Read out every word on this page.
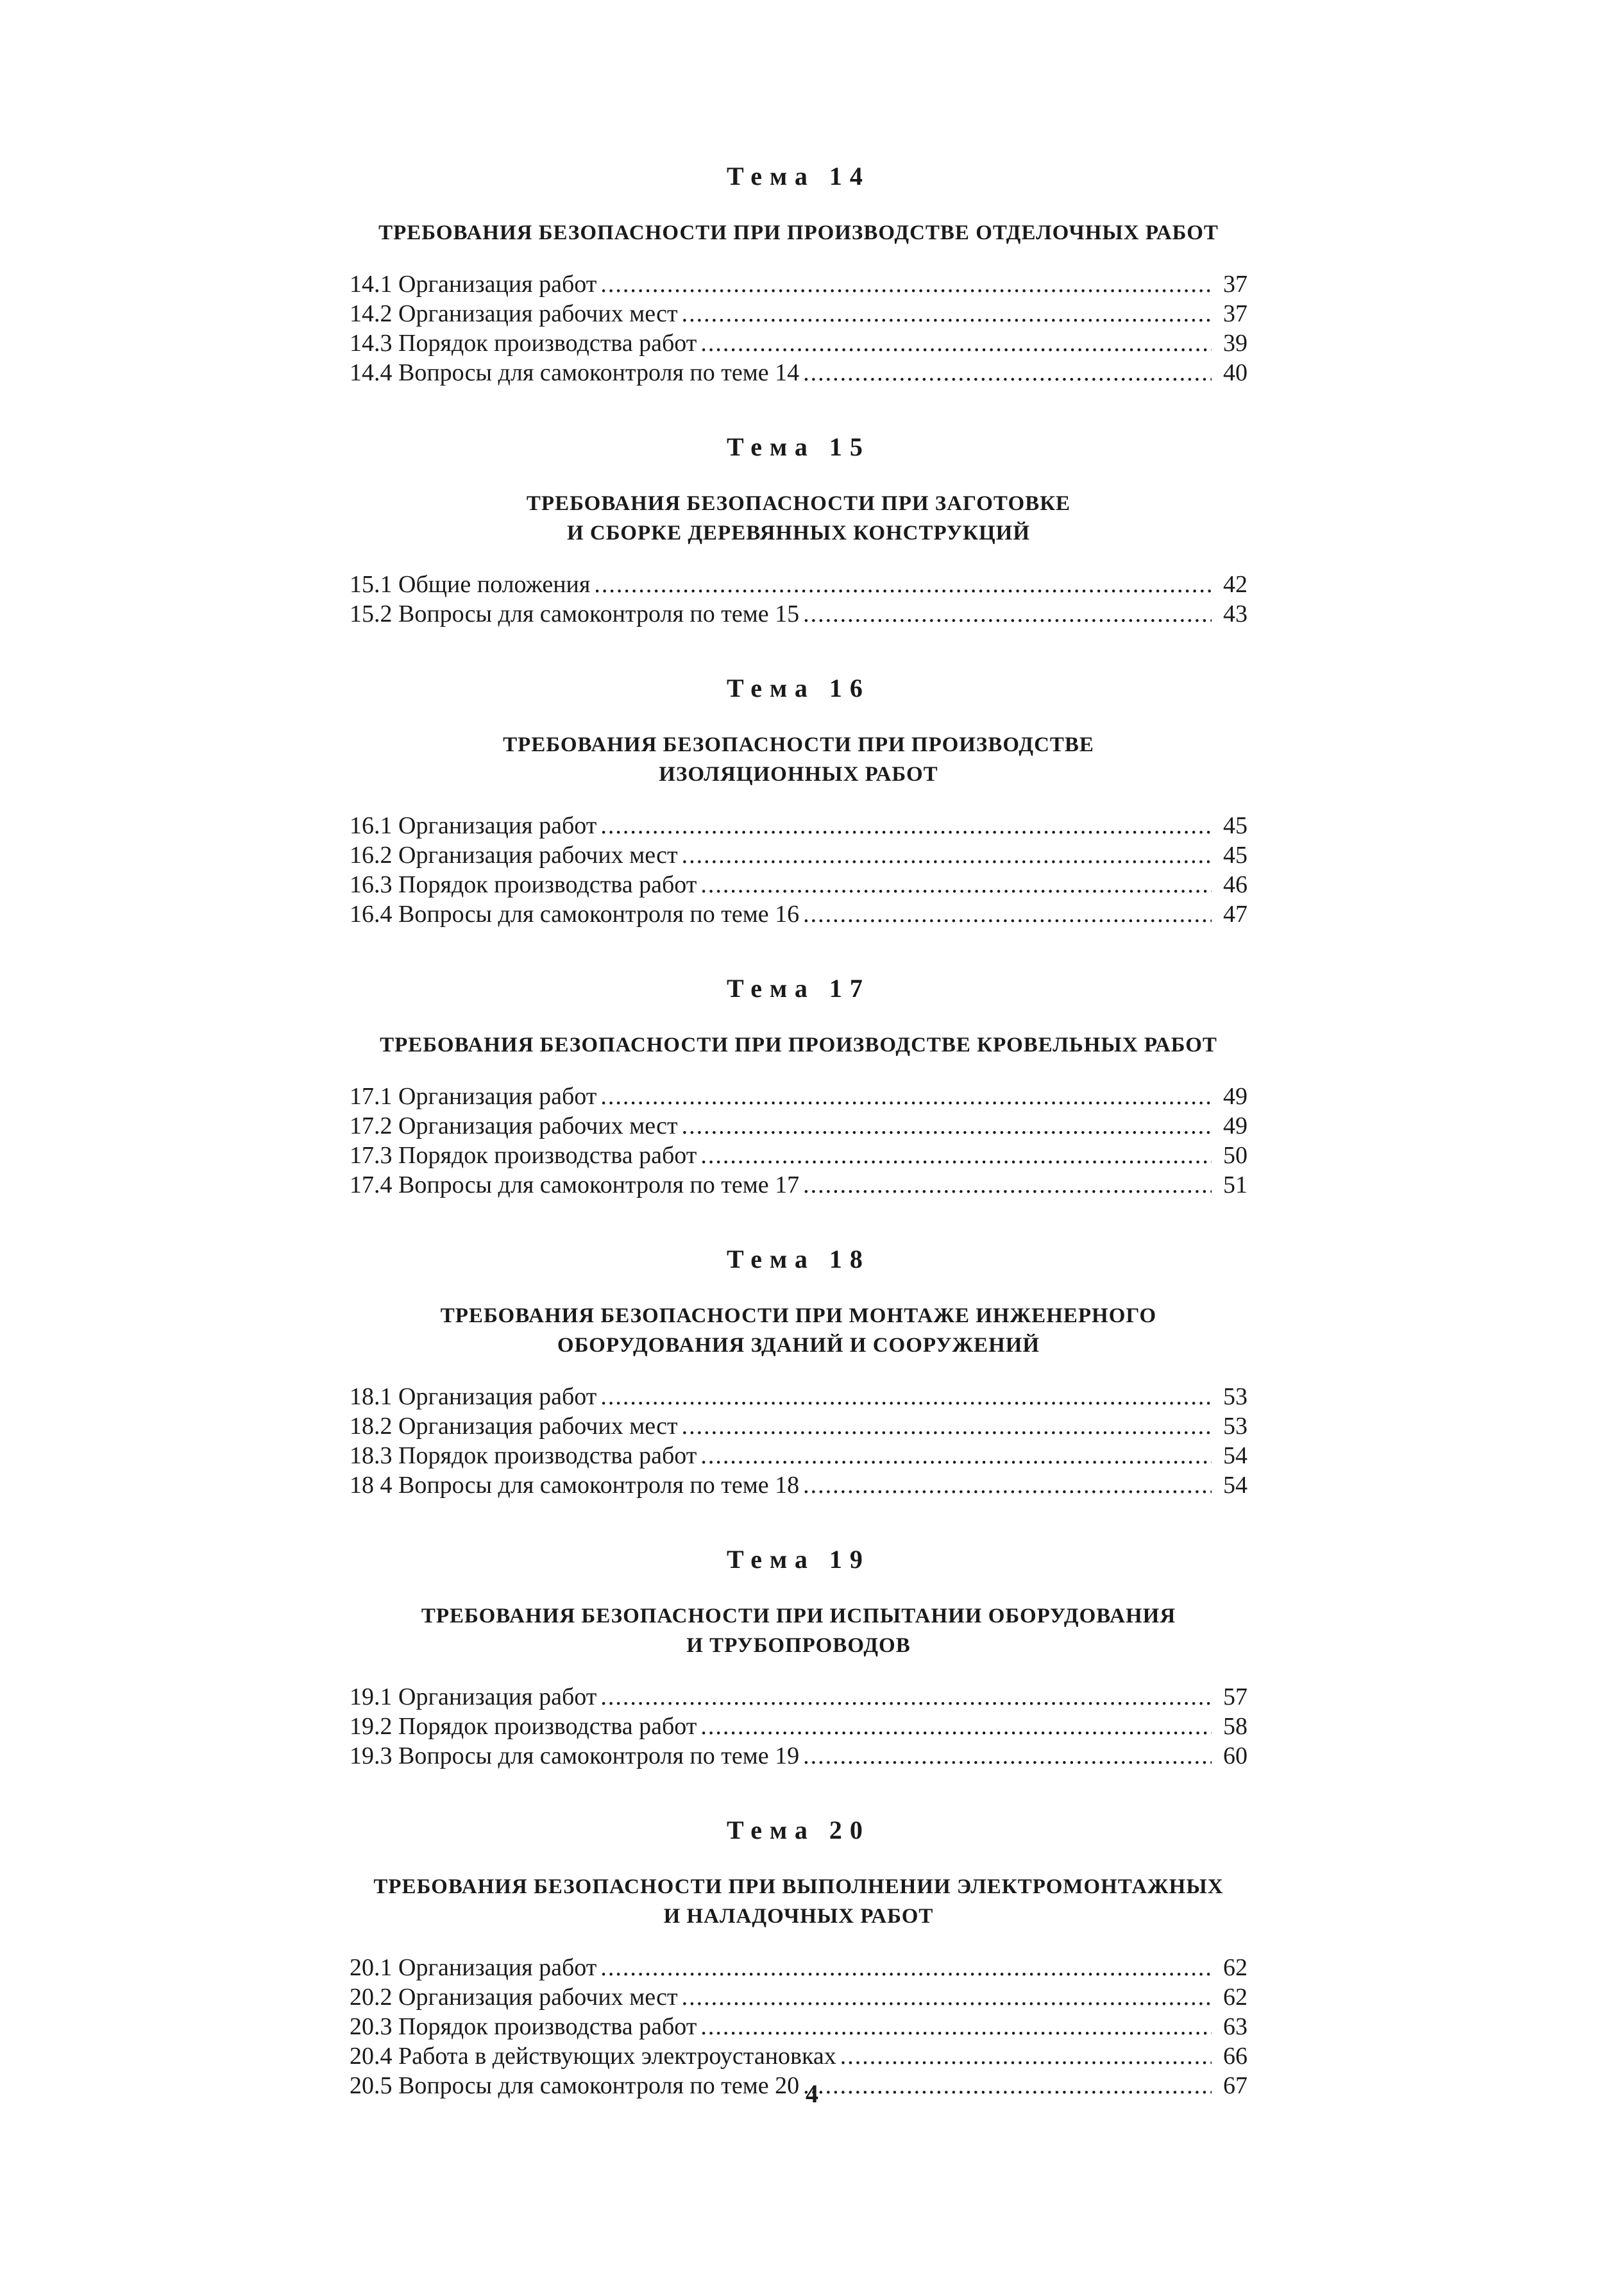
Тема 14
ТРЕБОВАНИЯ БЕЗОПАСНОСТИ ПРИ ПРОИЗВОДСТВЕ ОТДЕЛОЧНЫХ РАБОТ
14.1 Организация работ .....	37
14.2 Организация рабочих мест .....	37
14.3 Порядок производства работ .....	39
14.4 Вопросы для самоконтроля по теме 14 .....	40
Тема 15
ТРЕБОВАНИЯ БЕЗОПАСНОСТИ ПРИ ЗАГОТОВКЕ
И СБОРКЕ ДЕРЕВЯННЫХ КОНСТРУКЦИЙ
15.1 Общие положения .....	42
15.2 Вопросы для самоконтроля по теме 15 .....	43
Тема 16
ТРЕБОВАНИЯ БЕЗОПАСНОСТИ ПРИ ПРОИЗВОДСТВЕ
ИЗОЛЯЦИОННЫХ РАБОТ
16.1 Организация работ .....	45
16.2 Организация рабочих мест .....	45
16.3 Порядок производства работ .....	46
16.4 Вопросы для самоконтроля по теме 16 .....	47
Тема 17
ТРЕБОВАНИЯ БЕЗОПАСНОСТИ ПРИ ПРОИЗВОДСТВЕ КРОВЕЛЬНЫХ РАБОТ
17.1 Организация работ .....	49
17.2 Организация рабочих мест .....	49
17.3 Порядок производства работ .....	50
17.4 Вопросы для самоконтроля по теме 17 .....	51
Тема 18
ТРЕБОВАНИЯ БЕЗОПАСНОСТИ ПРИ МОНТАЖЕ ИНЖЕНЕРНОГО
ОБОРУДОВАНИЯ ЗДАНИЙ И СООРУЖЕНИЙ
18.1 Организация работ .....	53
18.2 Организация рабочих мест .....	53
18.3 Порядок производства работ .....	54
18 4 Вопросы для самоконтроля по теме 18 .....	54
Тема 19
ТРЕБОВАНИЯ БЕЗОПАСНОСТИ ПРИ ИСПЫТАНИИ ОБОРУДОВАНИЯ
И ТРУБОПРОВОДОВ
19.1 Организация работ .....	57
19.2 Порядок производства работ .....	58
19.3 Вопросы для самоконтроля по теме 19 .....	60
Тема 20
ТРЕБОВАНИЯ БЕЗОПАСНОСТИ ПРИ ВЫПОЛНЕНИИ ЭЛЕКТРОМОНТАЖНЫХ
И НАЛАДОЧНЫХ РАБОТ
20.1 Организация работ .....	62
20.2 Организация рабочих мест .....	62
20.3 Порядок производства работ .....	63
20.4 Работа в действующих электроустановках .....	66
20.5 Вопросы для самоконтроля по теме 20 .....	67
4
